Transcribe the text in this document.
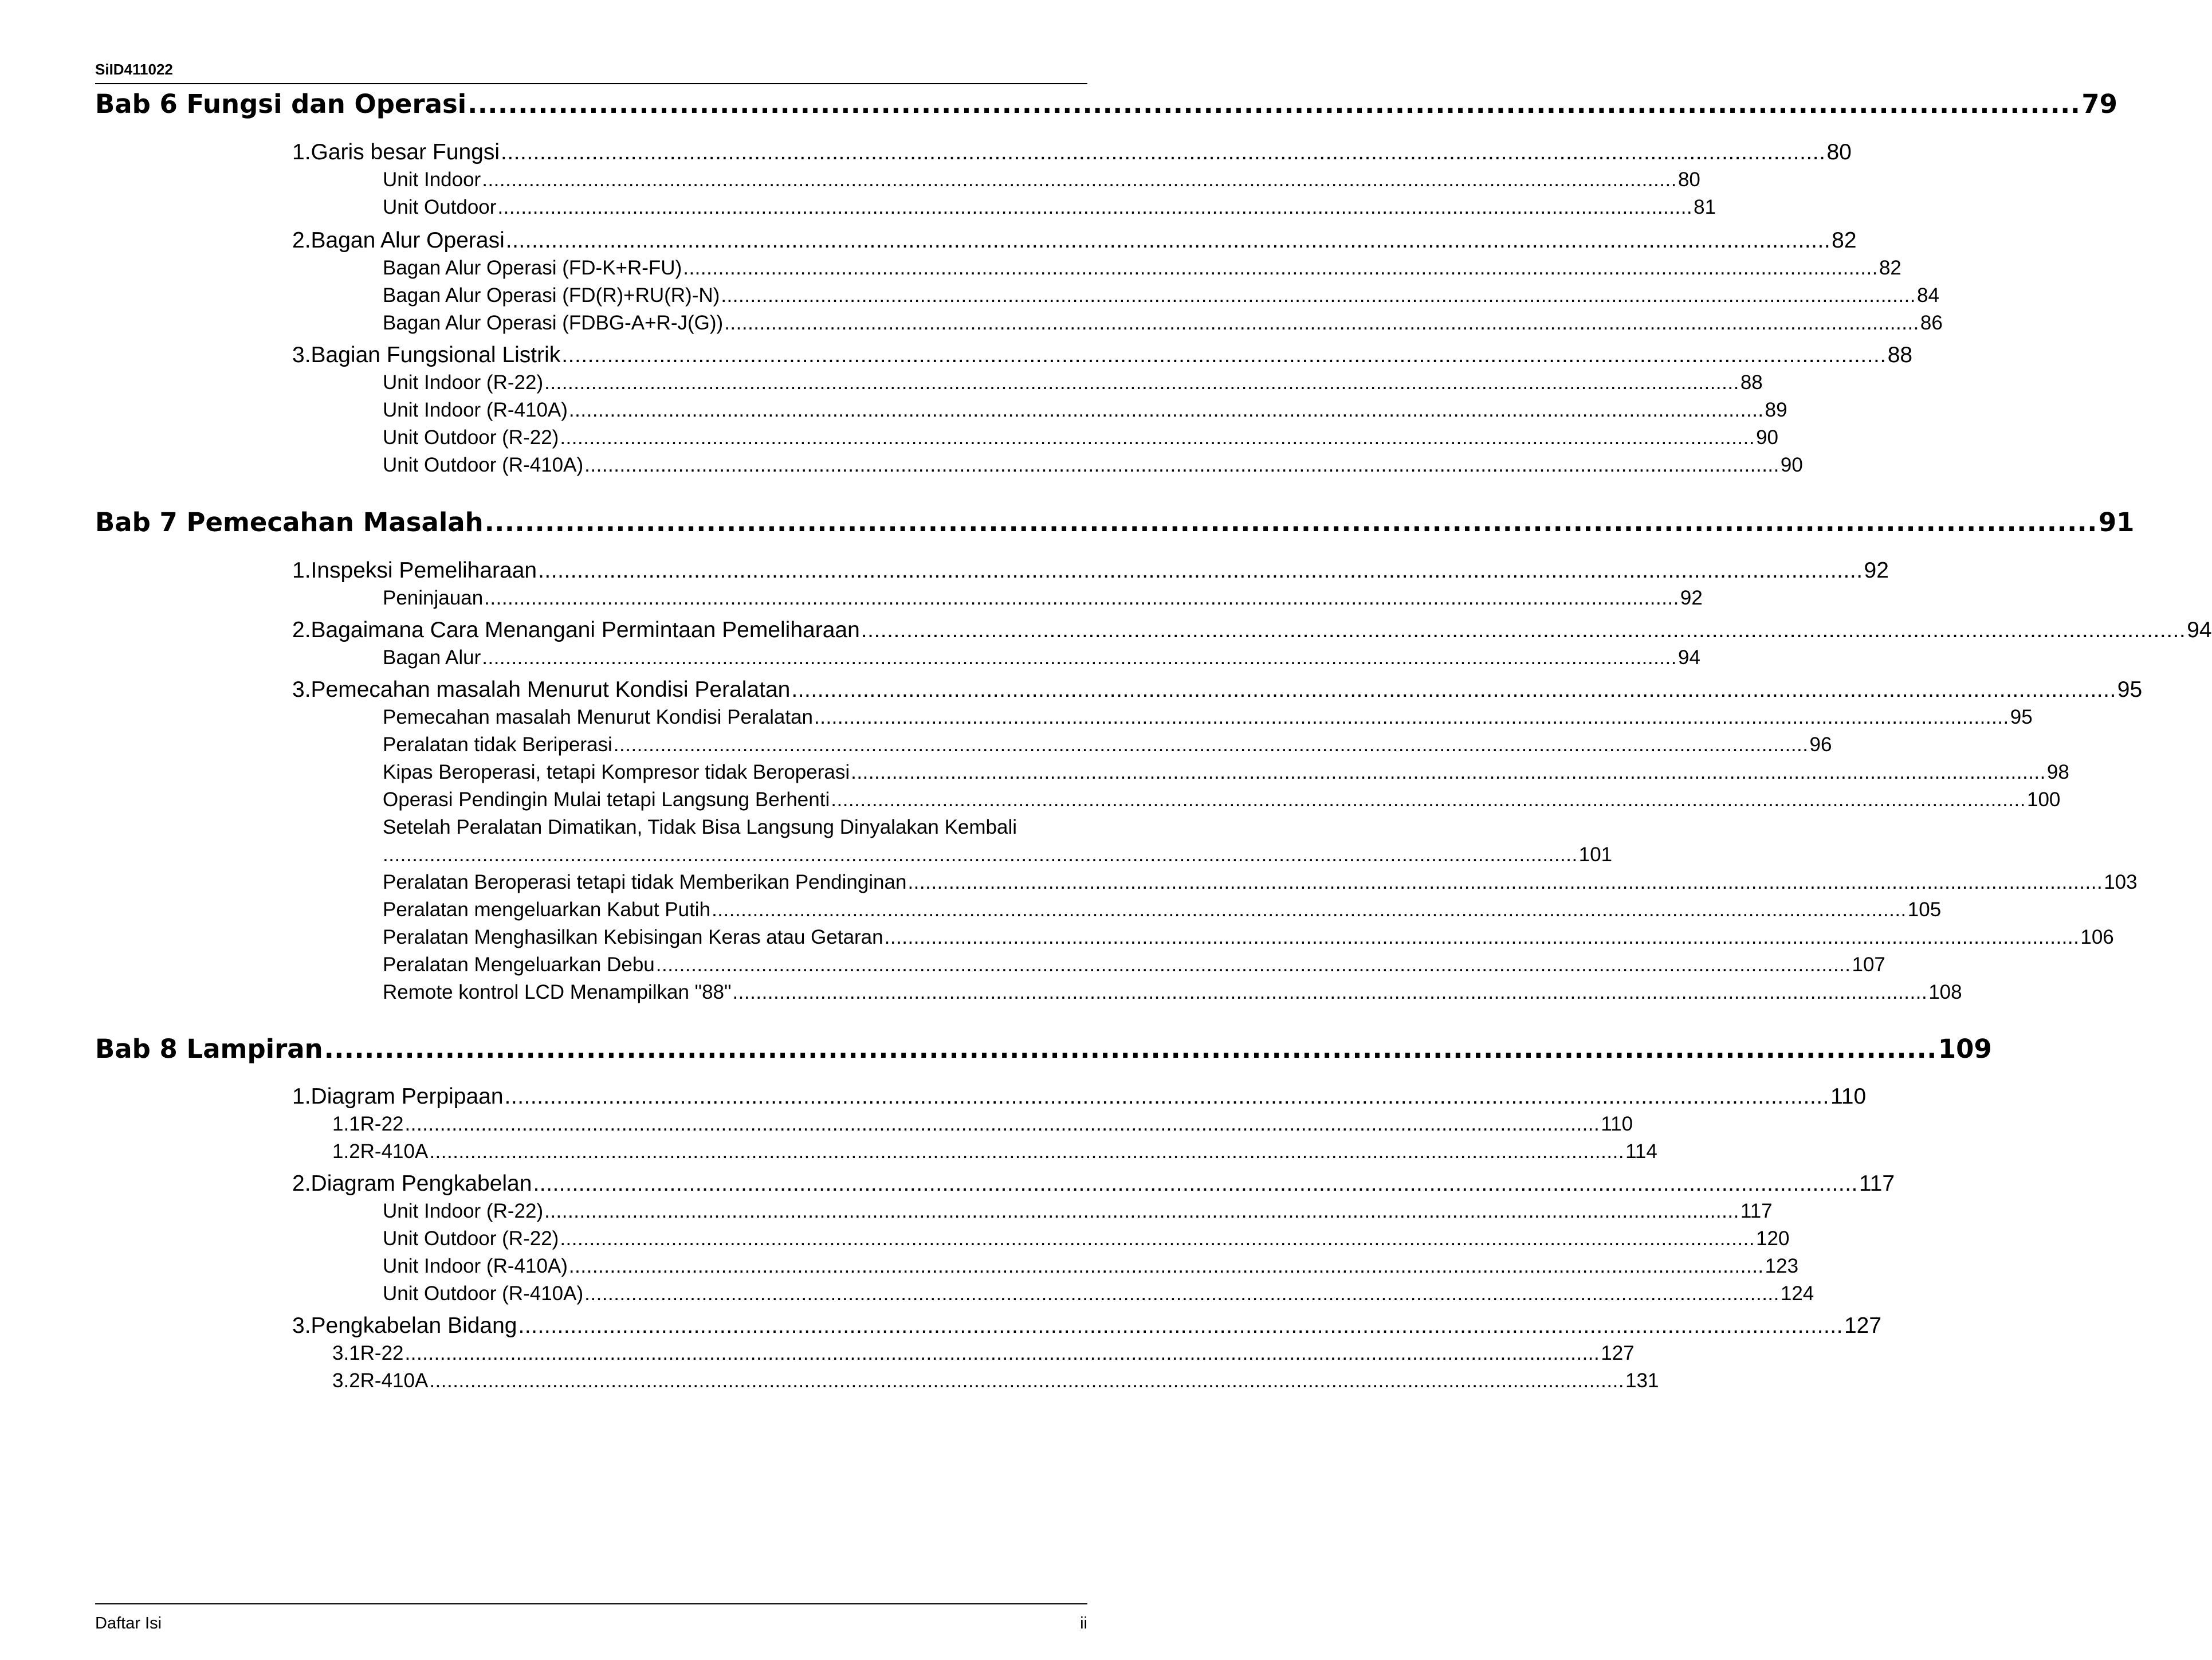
SiID411022
Bab 6 Fungsi dan Operasi ................................................................................................................................................................ 79
1. Garis besar Fungsi ............................................................................................................................................................................................................ 80
Unit Indoor ............................................................................................................................................................................................................ 80
Unit Outdoor ............................................................................................................................................................................................................ 81
2. Bagan Alur Operasi ............................................................................................................................................................................................................ 82
Bagan Alur Operasi (FD-K+R-FU) ............................................................................................................................................................................................................ 82
Bagan Alur Operasi (FD(R)+RU(R)-N) ............................................................................................................................................................................................................ 84
Bagan Alur Operasi (FDBG-A+R-J(G)) ............................................................................................................................................................................................................ 86
3. Bagian Fungsional Listrik ............................................................................................................................................................................................................ 88
Unit Indoor (R-22) ............................................................................................................................................................................................................ 88
Unit Indoor (R-410A) ............................................................................................................................................................................................................ 89
Unit Outdoor (R-22) ............................................................................................................................................................................................................ 90
Unit Outdoor (R-410A) ............................................................................................................................................................................................................ 90
Bab 7 Pemecahan Masalah ................................................................................................................................................................ 91
1. Inspeksi Pemeliharaan ............................................................................................................................................................................................................ 92
Peninjauan ............................................................................................................................................................................................................ 92
2. Bagaimana Cara Menangani Permintaan Pemeliharaan ............................................................................................................................................................................................................ 94
Bagan Alur ............................................................................................................................................................................................................ 94
3. Pemecahan masalah Menurut Kondisi Peralatan ............................................................................................................................................................................................................ 95
Pemecahan masalah Menurut Kondisi Peralatan ............................................................................................................................................................................................................ 95
Peralatan tidak Beriperasi ............................................................................................................................................................................................................ 96
Kipas Beroperasi, tetapi Kompresor tidak Beroperasi ............................................................................................................................................................................................................ 98
Operasi Pendingin Mulai tetapi Langsung Berhenti ............................................................................................................................................................................................................ 100
Setelah Peralatan Dimatikan, Tidak Bisa Langsung Dinyalakan Kembali
............................................................................................................................................................................................................ 101
Peralatan Beroperasi tetapi tidak Memberikan Pendinginan ............................................................................................................................................................................................................ 103
Peralatan mengeluarkan Kabut Putih ............................................................................................................................................................................................................ 105
Peralatan Menghasilkan Kebisingan Keras atau Getaran ............................................................................................................................................................................................................ 106
Peralatan Mengeluarkan Debu ............................................................................................................................................................................................................ 107
Remote kontrol LCD Menampilkan "88" ............................................................................................................................................................................................................ 108
Bab 8 Lampiran ................................................................................................................................................................ 109
1. Diagram Perpipaan ............................................................................................................................................................................................................ 110
1.1 R-22 ............................................................................................................................................................................................................ 110
1.2 R-410A ............................................................................................................................................................................................................ 114
2. Diagram Pengkabelan ............................................................................................................................................................................................................ 117
Unit Indoor (R-22) ............................................................................................................................................................................................................ 117
Unit Outdoor (R-22) ............................................................................................................................................................................................................ 120
Unit Indoor (R-410A) ............................................................................................................................................................................................................ 123
Unit Outdoor (R-410A) ............................................................................................................................................................................................................ 124
3. Pengkabelan Bidang ............................................................................................................................................................................................................ 127
3.1 R-22 ............................................................................................................................................................................................................ 127
3.2 R-410A ............................................................................................................................................................................................................ 131
Daftar Isi	ii
